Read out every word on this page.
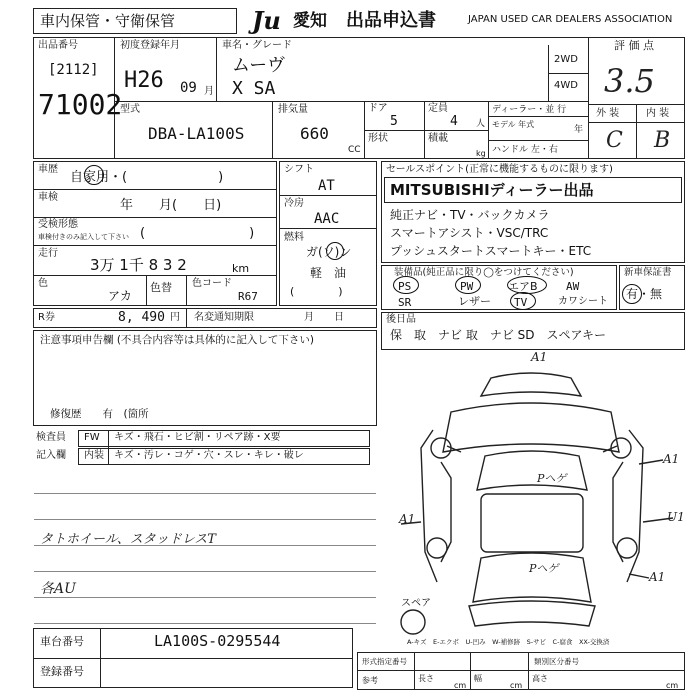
車内保管・守衛保管	Ju 愛知 出品申込書	JAPAN USED CAR DEALERS ASSOCIATION
出品番号
[2112]
71002
初度登録年月
H26 09 月
車名・グレード
ムーヴ
X SA
2WD
4WD
型式
DBA-LA100S
排気量
660
CC
ドア
5
定員
4 人
形状	積載
kg
ディーラー・並 行
モデル 年式
年
ハンドル 左・右
評 価 点
3.5
外 装	内 装
C B
車歴
自家用・(　　　　　　　)
車検
年　　月(　　日)
受検形態
車検付きのみ記入して下さい (　　　　　　　　)
走行
3万 1千 8 3 2	km
色
アカ
色替 色コード
R67
シフト
AT
冷房
AAC
燃料
ガ(ソ)ン
軽　油
(　　　　)
R券	8, 490 円 名変通知期限	月　　日
注意事項申告欄 (不具合内容等は具体的に記入して下さい)
修復歴　　有　(箇所
検査員
記入欄
FW キズ・飛石・ヒビ割・リペア跡・X要
内装 キズ・汚レ・コゲ・穴・スレ・キレ・破レ
タトホイール、スタッドレスT
各AU
車台番号	LA100S-0295544
登録番号
セールスポイント(正常に機能するものに限ります)
MITSUBISHIディーラー出品
純正ナビ・TV・バックカメラ
スマートアシスト・VSC/TRC
プッシュスタートスマートキー・ETC
装備品(純正品に限り◯をつけてください)
PS	PW	エアB	AW
SR	レザー TV	カワシート
新車保証書
有・無
後日品
保　取　ナビ 取　ナビ SD　スペアキー
A1
A1
A1	U1
A1
Pヘゲ
Pヘゲ
スペア
A-キズ　E-エクボ　U-凹み　W-補修跡　S-サビ　C-腐食　XX-交換済
形式指定番号	類別区分番号
参考	長さ
cm
幅
cm
高さ
cm
